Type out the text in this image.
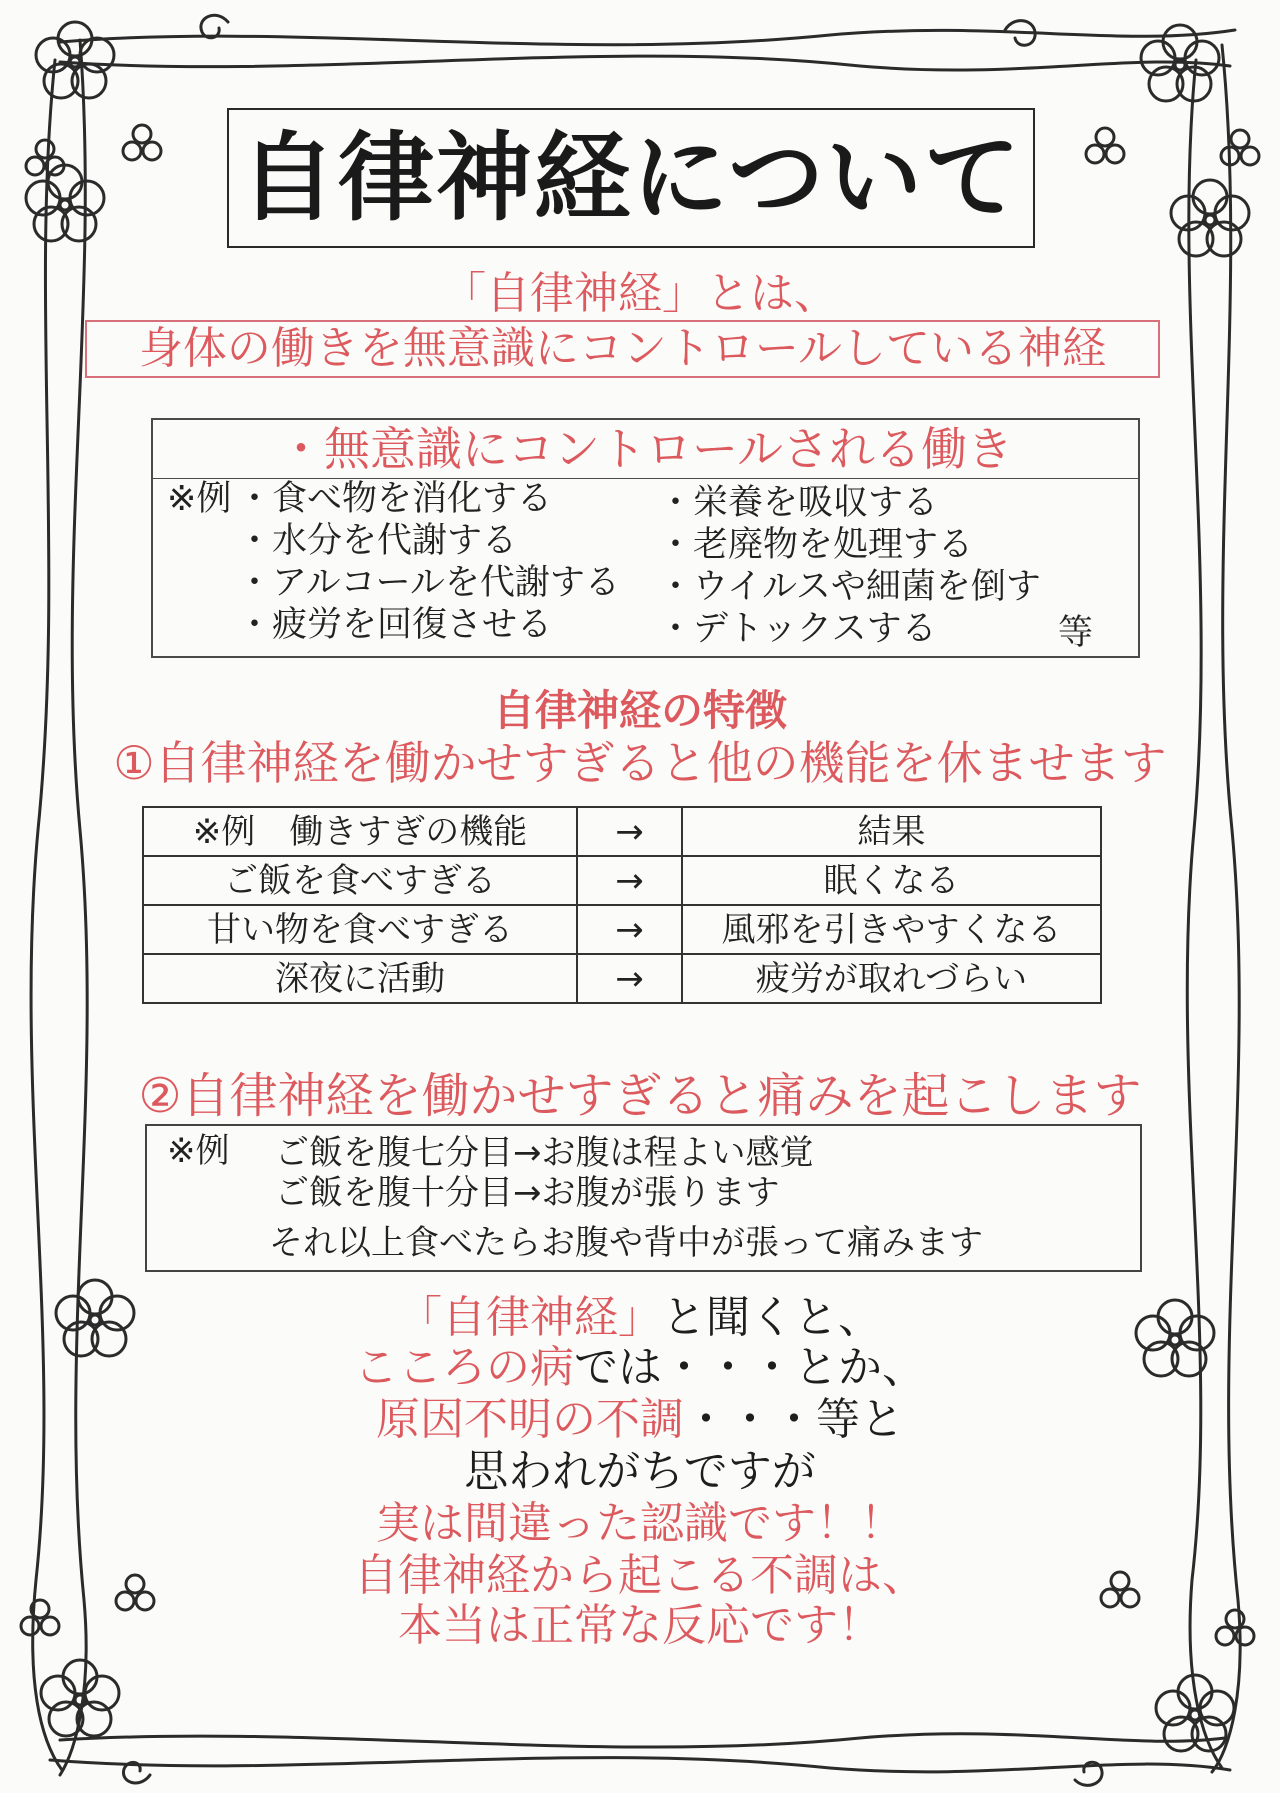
自律神経について
「自律神経」とは、
身体の働きを無意識にコントロールしている神経
・無意識にコントロールされる働き
※例 ・食べ物を消化する
・水分を代謝する
・アルコールを代謝する
・疲労を回復させる
・栄養を吸収する
・老廃物を処理する
・ウイルスや細菌を倒す
・デトックスする	等
自律神経の特徴
①自律神経を働かせすぎると他の機能を休ませます
※例　働きすぎの機能	→	結果
ご飯を食べすぎる	→	眠くなる
甘い物を食べすぎる	→	風邪を引きやすくなる
深夜に活動	→	疲労が取れづらい
②自律神経を働かせすぎると痛みを起こします
※例 ご飯を腹七分目→お腹は程よい感覚
ご飯を腹十分目→お腹が張ります
それ以上食べたらお腹や背中が張って痛みます
「自律神経」と聞くと、
こころの病では・・・とか、
原因不明の不調・・・等と
思われがちですが
実は間違った認識です！！
自律神経から起こる不調は、
本当は正常な反応です！
